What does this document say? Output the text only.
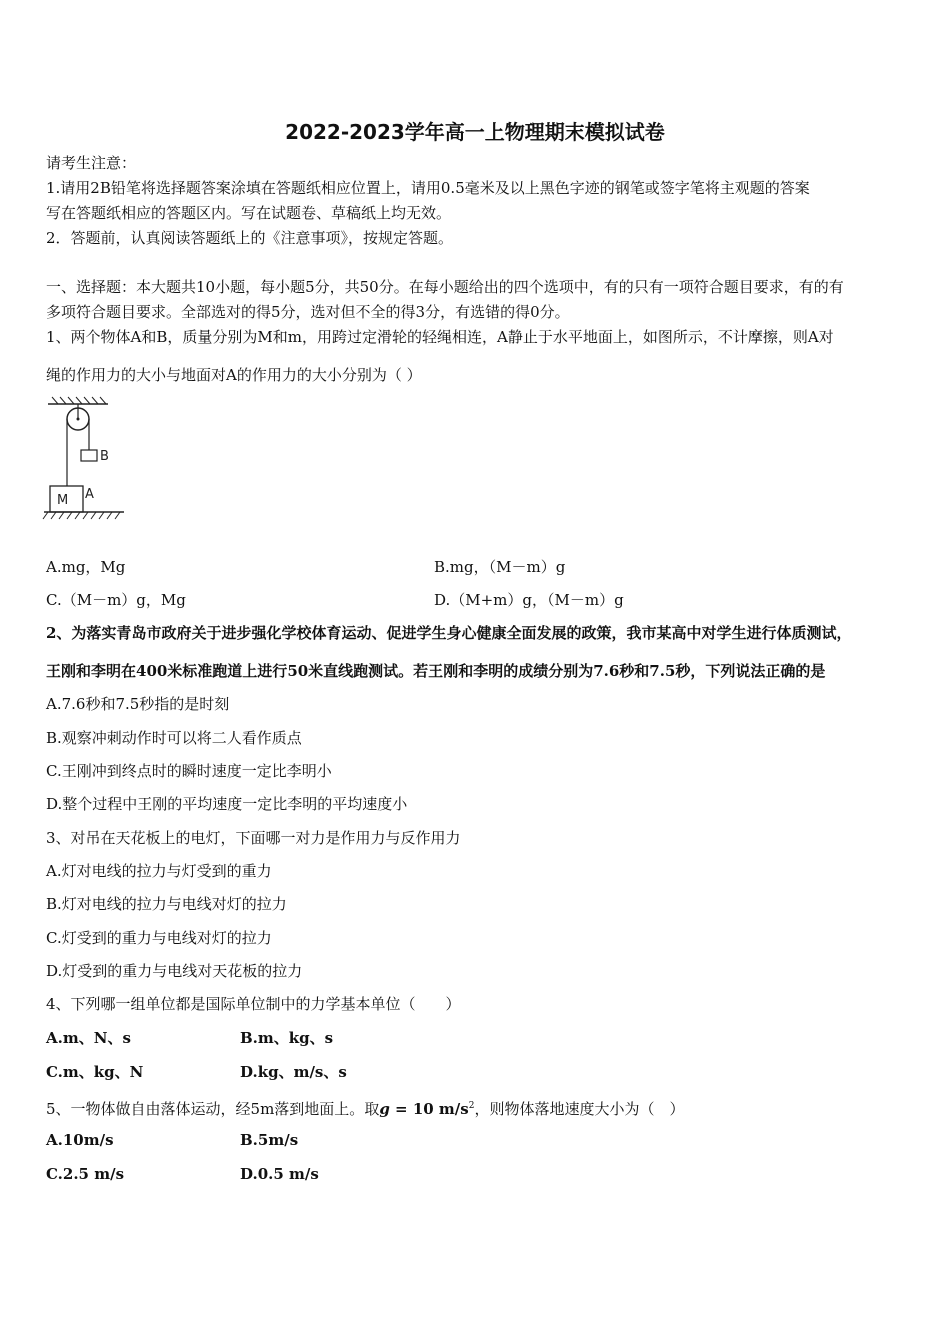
2022-2023学年高一上物理期末模拟试卷
请考生注意：
1.请用2B铅笔将选择题答案涂填在答题纸相应位置上，请用0.5毫米及以上黑色字迹的钢笔或签字笔将主观题的答案
写在答题纸相应的答题区内。写在试题卷、草稿纸上均无效。
2．答题前，认真阅读答题纸上的《注意事项》，按规定答题。
一、选择题：本大题共10小题，每小题5分，共50分。在每小题给出的四个选项中，有的只有一项符合题目要求，有的有
多项符合题目要求。全部选对的得5分，选对但不全的得3分，有选错的得0分。
1、两个物体A和B，质量分别为M和m，用跨过定滑轮的轻绳相连，A静止于水平地面上，如图所示，不计摩擦，则A对
绳的作用力的大小与地面对A的作用力的大小分别为（ ）
B
M A
A.mg，Mg	B.mg，（M－m）g
C.（M－m）g，Mg	D.（M+m）g，（M－m）g
2、为落实青岛市政府关于进步强化学校体育运动、促进学生身心健康全面发展的政策，我市某高中对学生进行体质测试，
王刚和李明在400米标准跑道上进行50米直线跑测试。若王刚和李明的成绩分别为7.6秒和7.5秒，下列说法正确的是
A.7.6秒和7.5秒指的是时刻
B.观察冲刺动作时可以将二人看作质点
C.王刚冲到终点时的瞬时速度一定比李明小
D.整个过程中王刚的平均速度一定比李明的平均速度小
3、对吊在天花板上的电灯，下面哪一对力是作用力与反作用力
A.灯对电线的拉力与灯受到的重力
B.灯对电线的拉力与电线对灯的拉力
C.灯受到的重力与电线对灯的拉力
D.灯受到的重力与电线对天花板的拉力
4、下列哪一组单位都是国际单位制中的力学基本单位（　　）
A.m、N、s	B.m、kg、s
C.m、kg、N	D.kg、m/s、s
5、一物体做自由落体运动，经5m落到地面上。取g = 10 $m/s^2$，则物体落地速度大小为（　）
A.10m/s	B.5m/s
C.2.5 m/s	D.0.5 m/s
